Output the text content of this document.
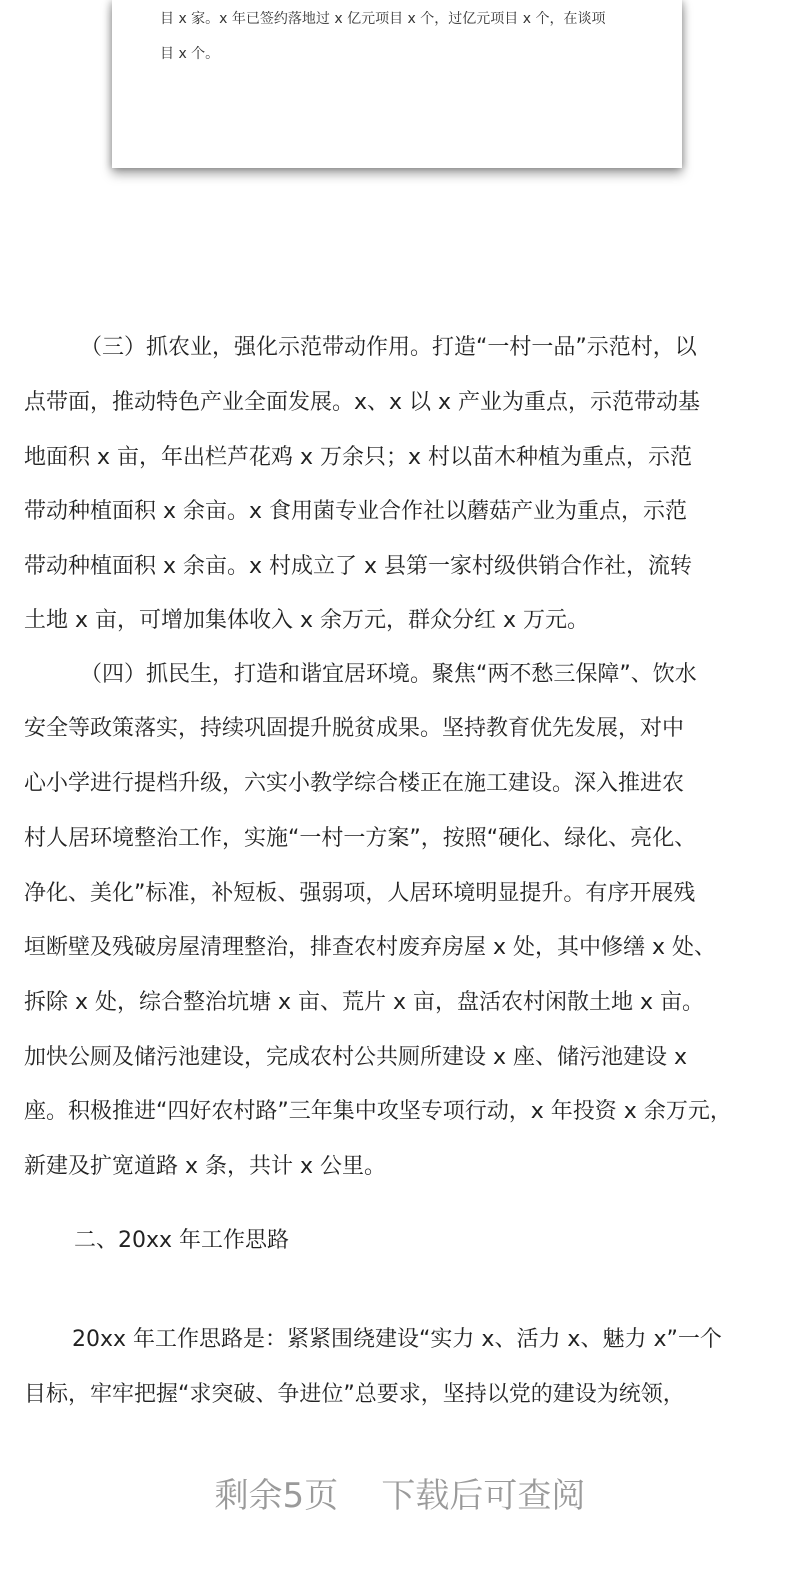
目 x 家。x 年已签约落地过 x 亿元项目 x 个，过亿元项目 x 个，在谈项
目 x 个。
（三）抓农业，强化示范带动作用。打造“一村一品”示范村，以
点带面，推动特色产业全面发展。x、x 以 x 产业为重点，示范带动基
地面积 x 亩，年出栏芦花鸡 x 万余只；x 村以苗木种植为重点，示范
带动种植面积 x 余亩。x 食用菌专业合作社以蘑菇产业为重点，示范
带动种植面积 x 余亩。x 村成立了 x 县第一家村级供销合作社，流转
土地 x 亩，可增加集体收入 x 余万元，群众分红 x 万元。
（四）抓民生，打造和谐宜居环境。聚焦“两不愁三保障”、饮水
安全等政策落实，持续巩固提升脱贫成果。坚持教育优先发展，对中
心小学进行提档升级，六实小教学综合楼正在施工建设。深入推进农
村人居环境整治工作，实施“一村一方案”，按照“硬化、绿化、亮化、
净化、美化”标准，补短板、强弱项，人居环境明显提升。有序开展残
垣断壁及残破房屋清理整治，排查农村废弃房屋 x 处，其中修缮 x 处、
拆除 x 处，综合整治坑塘 x 亩、荒片 x 亩，盘活农村闲散土地 x 亩。
加快公厕及储污池建设，完成农村公共厕所建设 x 座、储污池建设 x
座。积极推进“四好农村路”三年集中攻坚专项行动，x 年投资 x 余万元，
新建及扩宽道路 x 条，共计 x 公里。
二、20xx 年工作思路
20xx 年工作思路是：紧紧围绕建设“实力 x、活力 x、魅力 x”一个
目标，牢牢把握“求突破、争进位”总要求，坚持以党的建设为统领，
剩余5页    下载后可查阅
